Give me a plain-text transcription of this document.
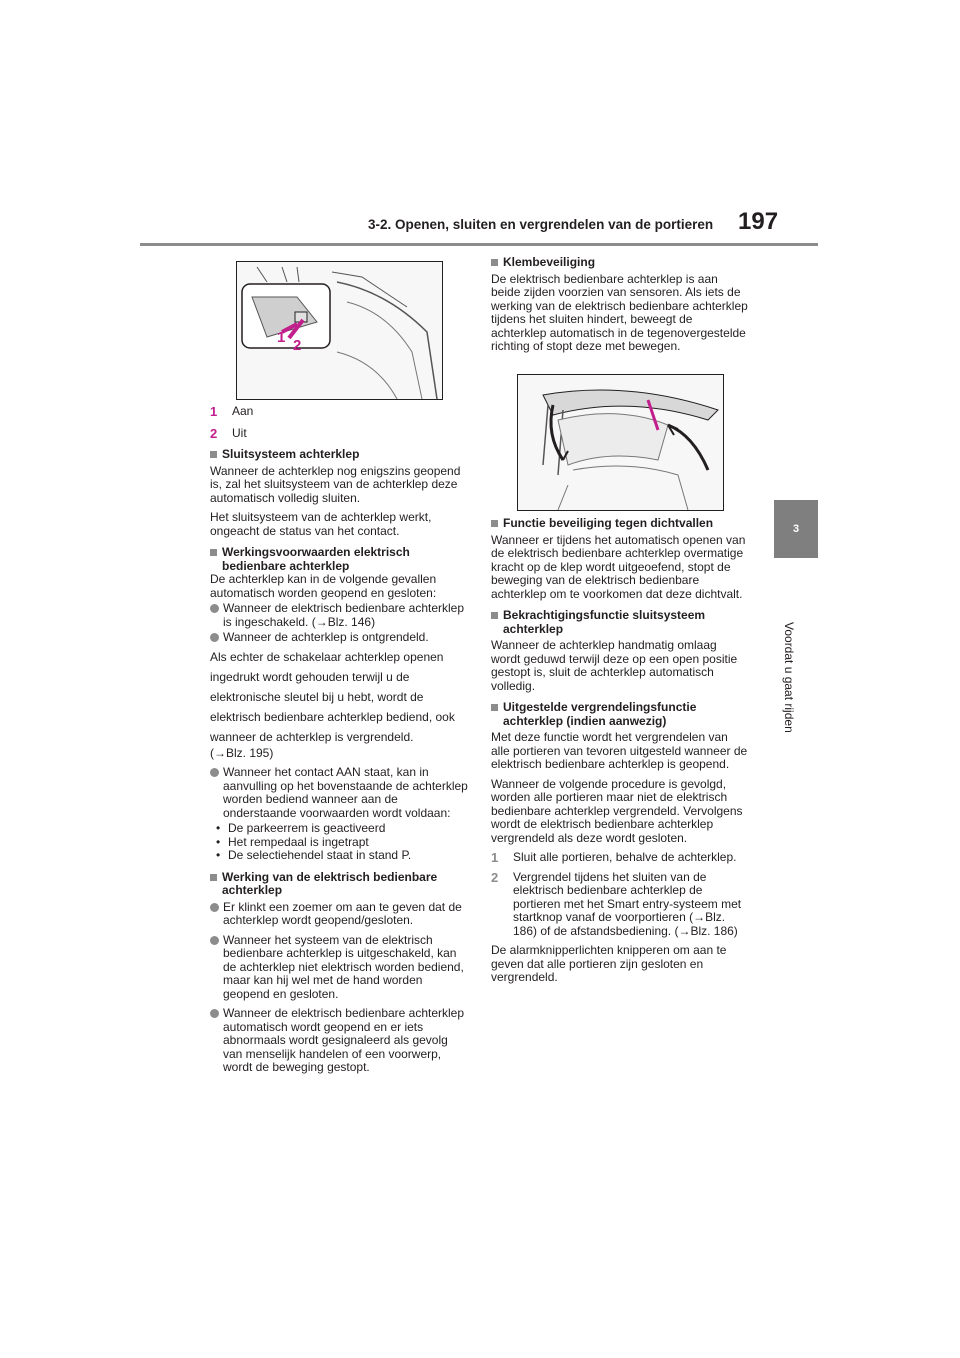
3-2. Openen, sluiten en vergrendelen van de portieren 197
3
Voordat u gaat rijden
1 2
1	Aan
2	Uit
Sluitsysteem achterklep

Wanneer de achterklep nog enigszins geopend is, zal het sluitsysteem van de achterklep deze automatisch volledig sluiten.

Het sluitsysteem van de achterklep werkt, ongeacht de status van het contact.

Werkingsvoorwaarden elektrisch bedienbare achterklep

De achterklep kan in de volgende gevallen automatisch worden geopend en gesloten:

Wanneer de elektrisch bedienbare achterklep is ingeschakeld. (→Blz. 146)
Wanneer de achterklep is ontgrendeld.

Als echter de schakelaar achterklep openen ingedrukt wordt gehouden terwijl u de elektronische sleutel bij u hebt, wordt de elektrisch bedienbare achterklep bediend, ook wanneer de achterklep is vergrendeld.

(→Blz. 195)

Wanneer het contact AAN staat, kan in aanvulling op het bovenstaande de achterklep worden bediend wanneer aan de onderstaande voorwaarden wordt voldaan:
• De parkeerrem is geactiveerd
• Het rempedaal is ingetrapt
• De selectiehendel staat in stand P.
Werking van de elektrisch bedienbare achterklep
Er klinkt een zoemer om aan te geven dat de achterklep wordt geopend/gesloten.
Wanneer het systeem van de elektrisch bedienbare achterklep is uitgeschakeld, kan de achterklep niet elektrisch worden bediend, maar kan hij wel met de hand worden geopend en gesloten.
Wanneer de elektrisch bedienbare achterklep automatisch wordt geopend en er iets abnormaals wordt gesignaleerd als gevolg van menselijk handelen of een voorwerp, wordt de beweging gestopt.
Klembeveiliging

De elektrisch bedienbare achterklep is aan beide zijden voorzien van sensoren. Als iets de werking van de elektrisch bedienbare achterklep tijdens het sluiten hindert, beweegt de achterklep automatisch in de tegenovergestelde richting of stopt deze met bewegen.

Functie beveiliging tegen dichtvallen

Wanneer er tijdens het automatisch openen van de elektrisch bedienbare achterklep overmatige kracht op de klep wordt uitgeoefend, stopt de beweging van de elektrisch bedienbare achterklep om te voorkomen dat deze dichtvalt.

Bekrachtigingsfunctie sluitsysteem achterklep

Wanneer de achterklep handmatig omlaag wordt geduwd terwijl deze op een open positie gestopt is, sluit de achterklep automatisch volledig.

Uitgestelde vergrendelingsfunctie achterklep (indien aanwezig)

Met deze functie wordt het vergrendelen van alle portieren van tevoren uitgesteld wanneer de elektrisch bedienbare achterklep is geopend.

Wanneer de volgende procedure is gevolgd, worden alle portieren maar niet de elektrisch bedienbare achterklep vergrendeld. Vervolgens wordt de elektrisch bedienbare achterklep vergrendeld als deze wordt gesloten.

1	Sluit alle portieren, behalve de achterklep.
2	Vergrendel tijdens het sluiten van de elektrisch bedienbare achterklep de portieren met het Smart entry-systeem met startknop vanaf de voorportieren (→Blz. 186) of de afstandsbediening. (→Blz. 186)

De alarmknipperlichten knipperen om aan te geven dat alle portieren zijn gesloten en vergrendeld.
